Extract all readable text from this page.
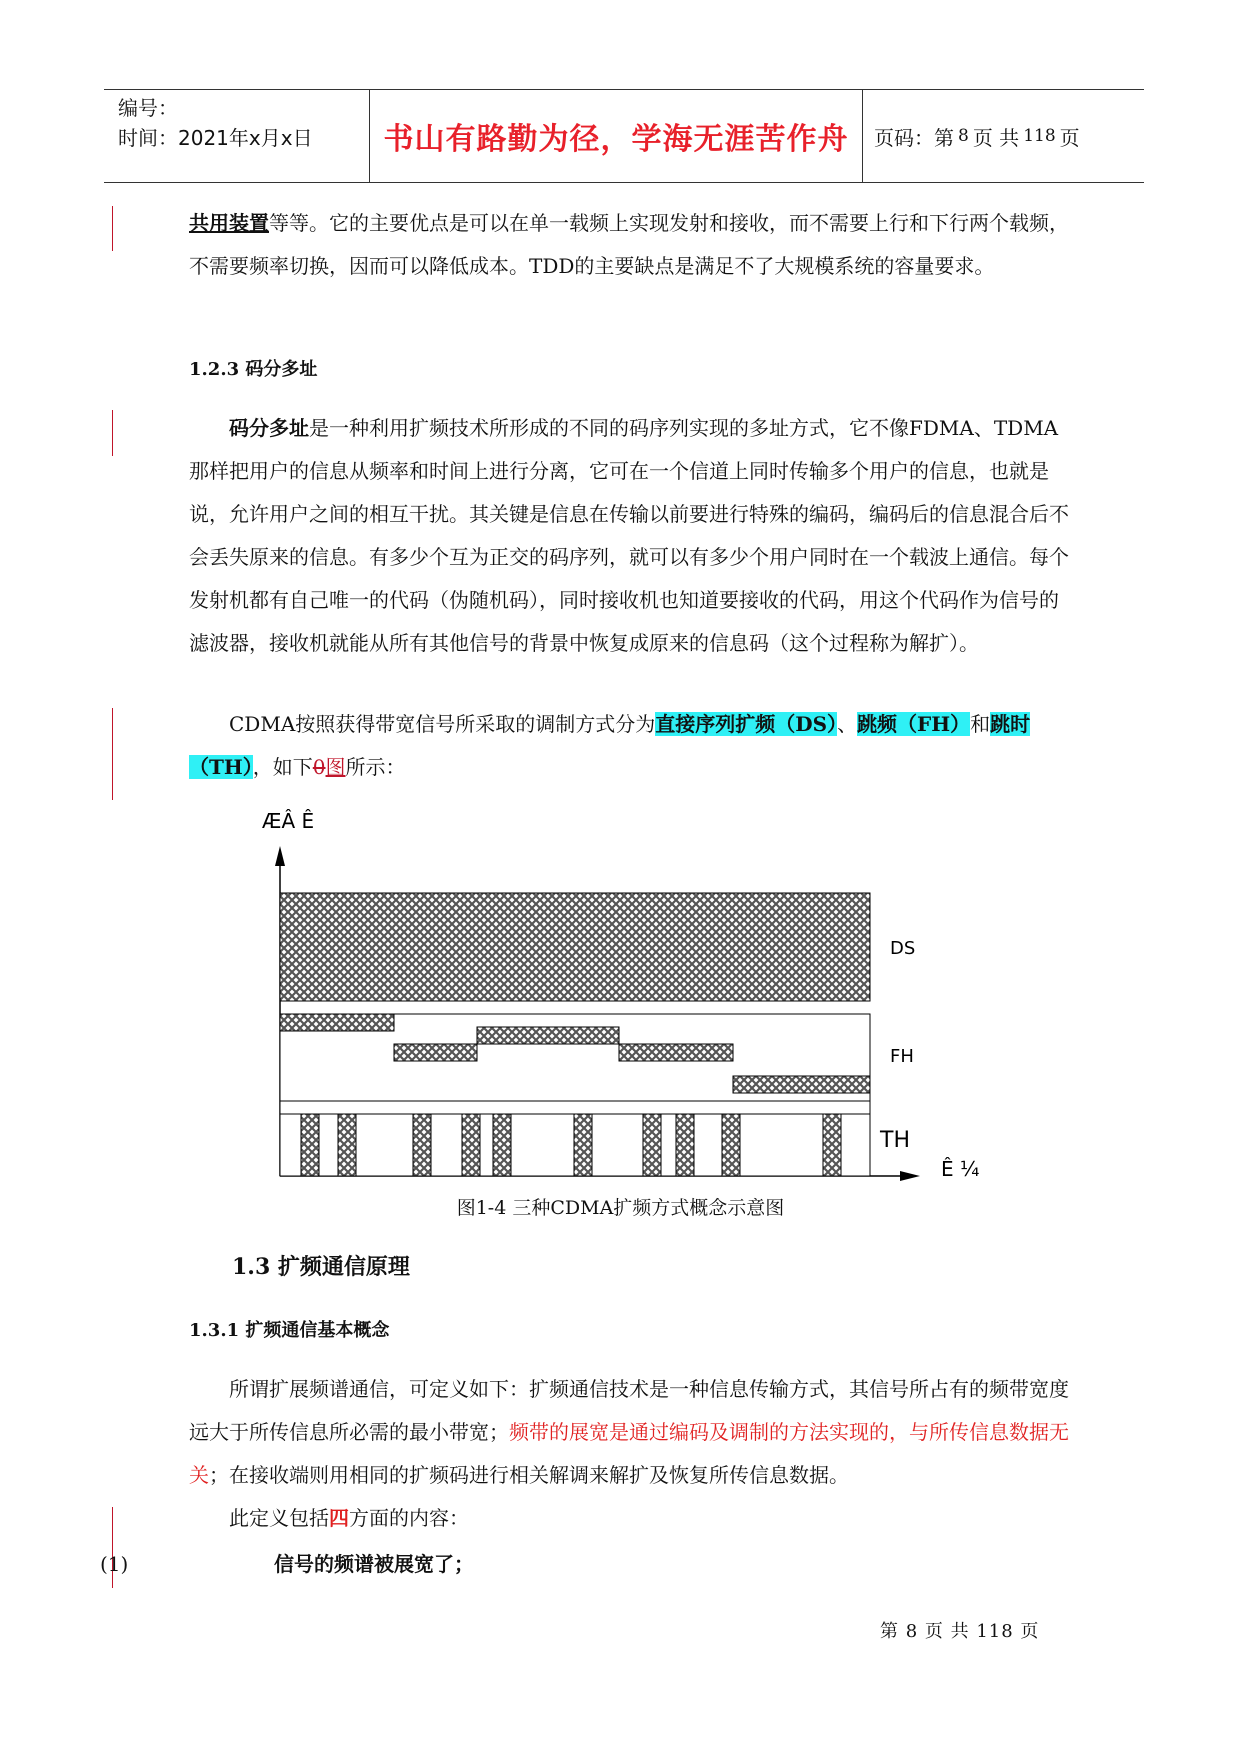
编号：
时间：2021年x月x日	书山有路勤为径，学海无涯苦作舟	页码：第 8 页 共 118 页

共用装置等等。它的主要优点是可以在单一载频上实现发射和接收，而不需要上行和下行两个载频，不需要频率切换，因而可以降低成本。TDD的主要缺点是满足不了大规模系统的容量要求。

1.2.3 码分多址

码分多址是一种利用扩频技术所形成的不同的码序列实现的多址方式，它不像FDMA、TDMA那样把用户的信息从频率和时间上进行分离，它可在一个信道上同时传输多个用户的信息，也就是说，允许用户之间的相互干扰。其关键是信息在传输以前要进行特殊的编码，编码后的信息混合后不会丢失原来的信息。有多少个互为正交的码序列，就可以有多少个用户同时在一个载波上通信。每个发射机都有自己唯一的代码（伪随机码），同时接收机也知道要接收的代码，用这个代码作为信号的滤波器，接收机就能从所有其他信号的背景中恢复成原来的信息码（这个过程称为解扩）。

CDMA按照获得带宽信号所采取的调制方式分为直接序列扩频（DS）、跳频（FH）和跳时（TH），如下0图所示：

ÆÂ Ê
Ê ¼
DS
FH
TH
图1-4 三种CDMA扩频方式概念示意图
1.3 扩频通信原理
1.3.1 扩频通信基本概念

所谓扩展频谱通信，可定义如下：扩频通信技术是一种信息传输方式，其信号所占有的频带宽度远大于所传信息所必需的最小带宽；频带的展宽是通过编码及调制的方法实现的，与所传信息数据无关；在接收端则用相同的扩频码进行相关解调来解扩及恢复所传信息数据。

此定义包括四方面的内容：

(1)	信号的频谱被展宽了；
第 8 页 共 118 页
